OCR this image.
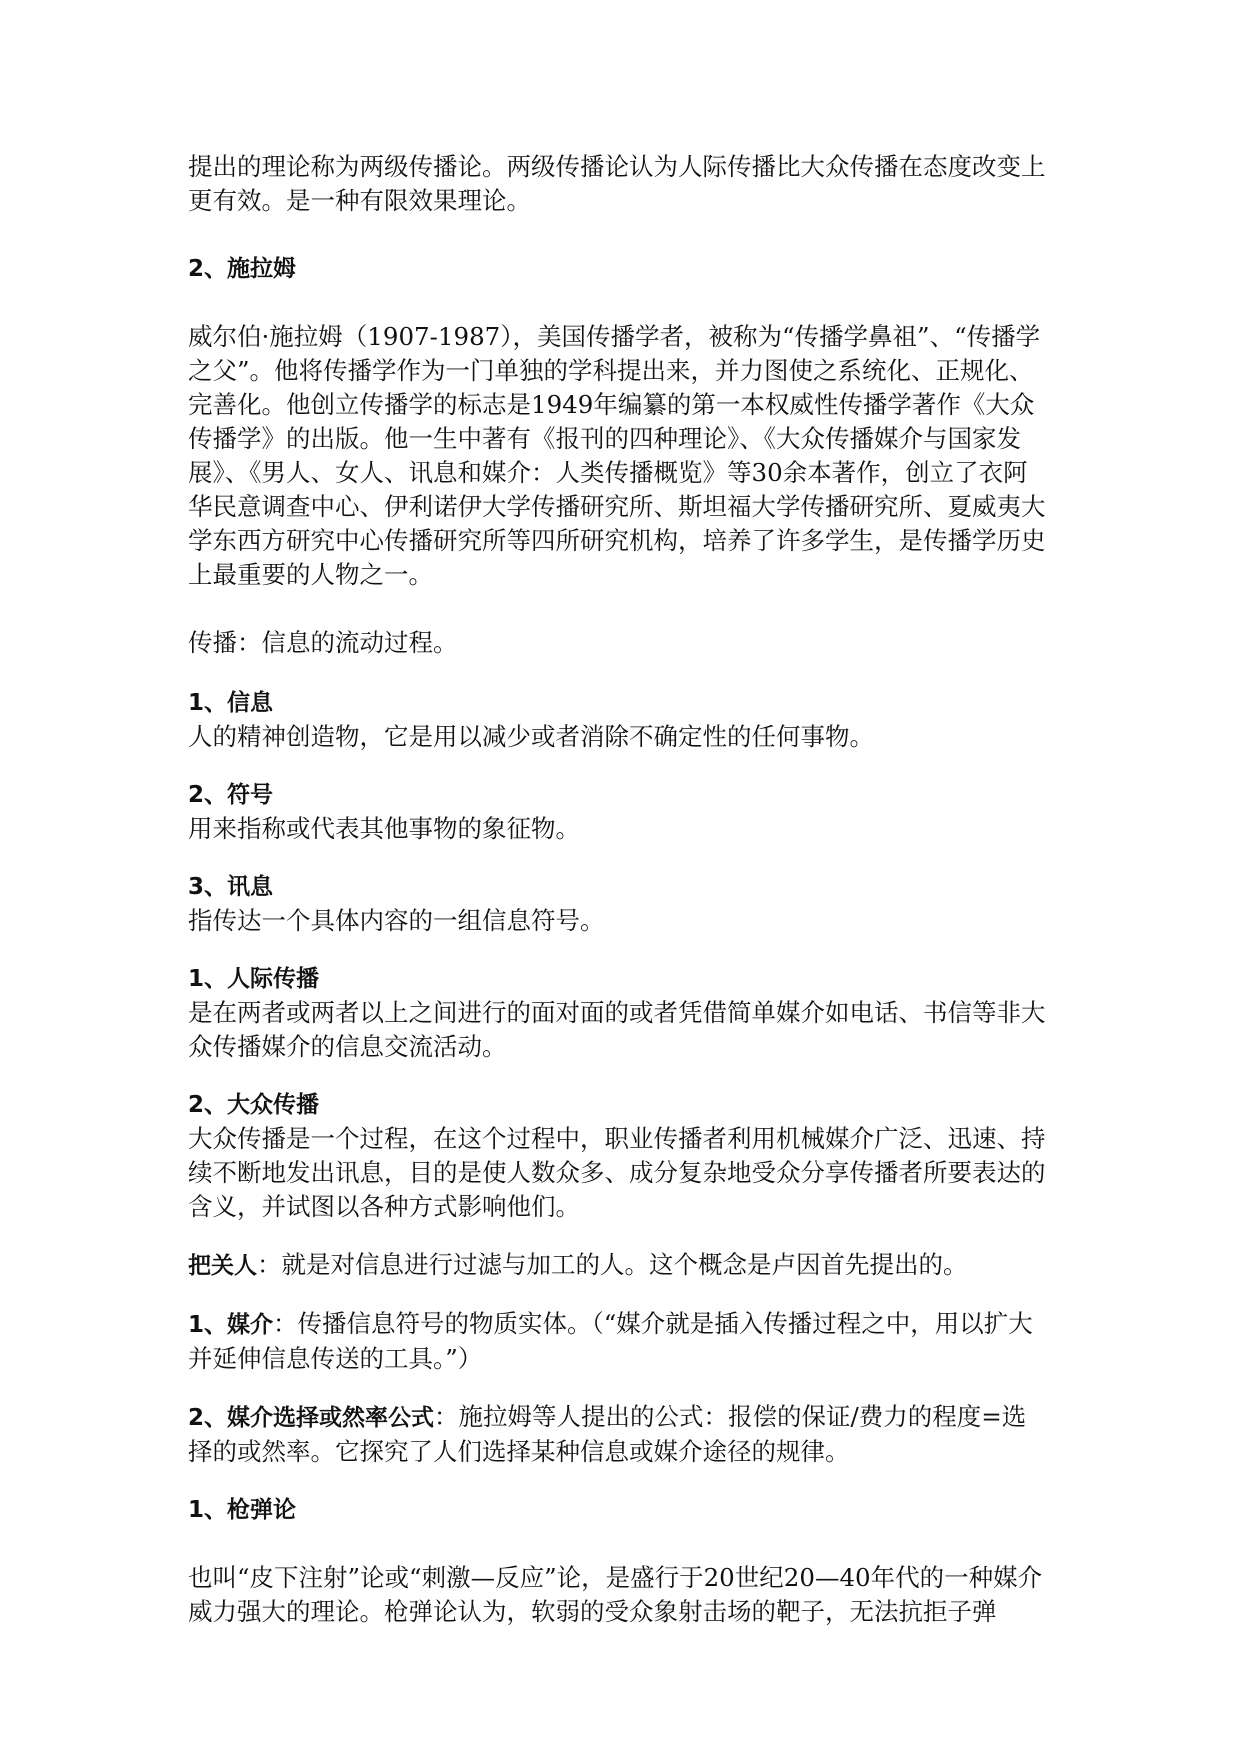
提出的理论称为两级传播论。两级传播论认为人际传播比大众传播在态度改变上更有效。是一种有限效果理论。

2、施拉姆

威尔伯·施拉姆（1907-1987），美国传播学者，被称为“传播学鼻祖”、“传播学之父”。他将传播学作为一门单独的学科提出来，并力图使之系统化、正规化、完善化。他创立传播学的标志是1949年编纂的第一本权威性传播学著作《大众传播学》的出版。他一生中著有《报刊的四种理论》、《大众传播媒介与国家发展》、《男人、女人、讯息和媒介：人类传播概览》等30余本著作，创立了衣阿华民意调查中心、伊利诺伊大学传播研究所、斯坦福大学传播研究所、夏威夷大学东西方研究中心传播研究所等四所研究机构，培养了许多学生，是传播学历史上最重要的人物之一。

传播：信息的流动过程。

1、信息

人的精神创造物，它是用以减少或者消除不确定性的任何事物。

2、符号

用来指称或代表其他事物的象征物。

3、讯息

指传达一个具体内容的一组信息符号。

1、人际传播

是在两者或两者以上之间进行的面对面的或者凭借简单媒介如电话、书信等非大众传播媒介的信息交流活动。

2、大众传播

大众传播是一个过程，在这个过程中，职业传播者利用机械媒介广泛、迅速、持续不断地发出讯息，目的是使人数众多、成分复杂地受众分享传播者所要表达的含义，并试图以各种方式影响他们。

把关人：就是对信息进行过滤与加工的人。这个概念是卢因首先提出的。

1、媒介：传播信息符号的物质实体。（“媒介就是插入传播过程之中，用以扩大并延伸信息传送的工具。”）

2、媒介选择或然率公式：施拉姆等人提出的公式：报偿的保证/费力的程度=选择的或然率。它探究了人们选择某种信息或媒介途径的规律。

1、枪弹论

也叫“皮下注射”论或“刺激—反应”论，是盛行于20世纪20—40年代的一种媒介威力强大的理论。枪弹论认为，软弱的受众象射击场的靶子，无法抗拒子弹
